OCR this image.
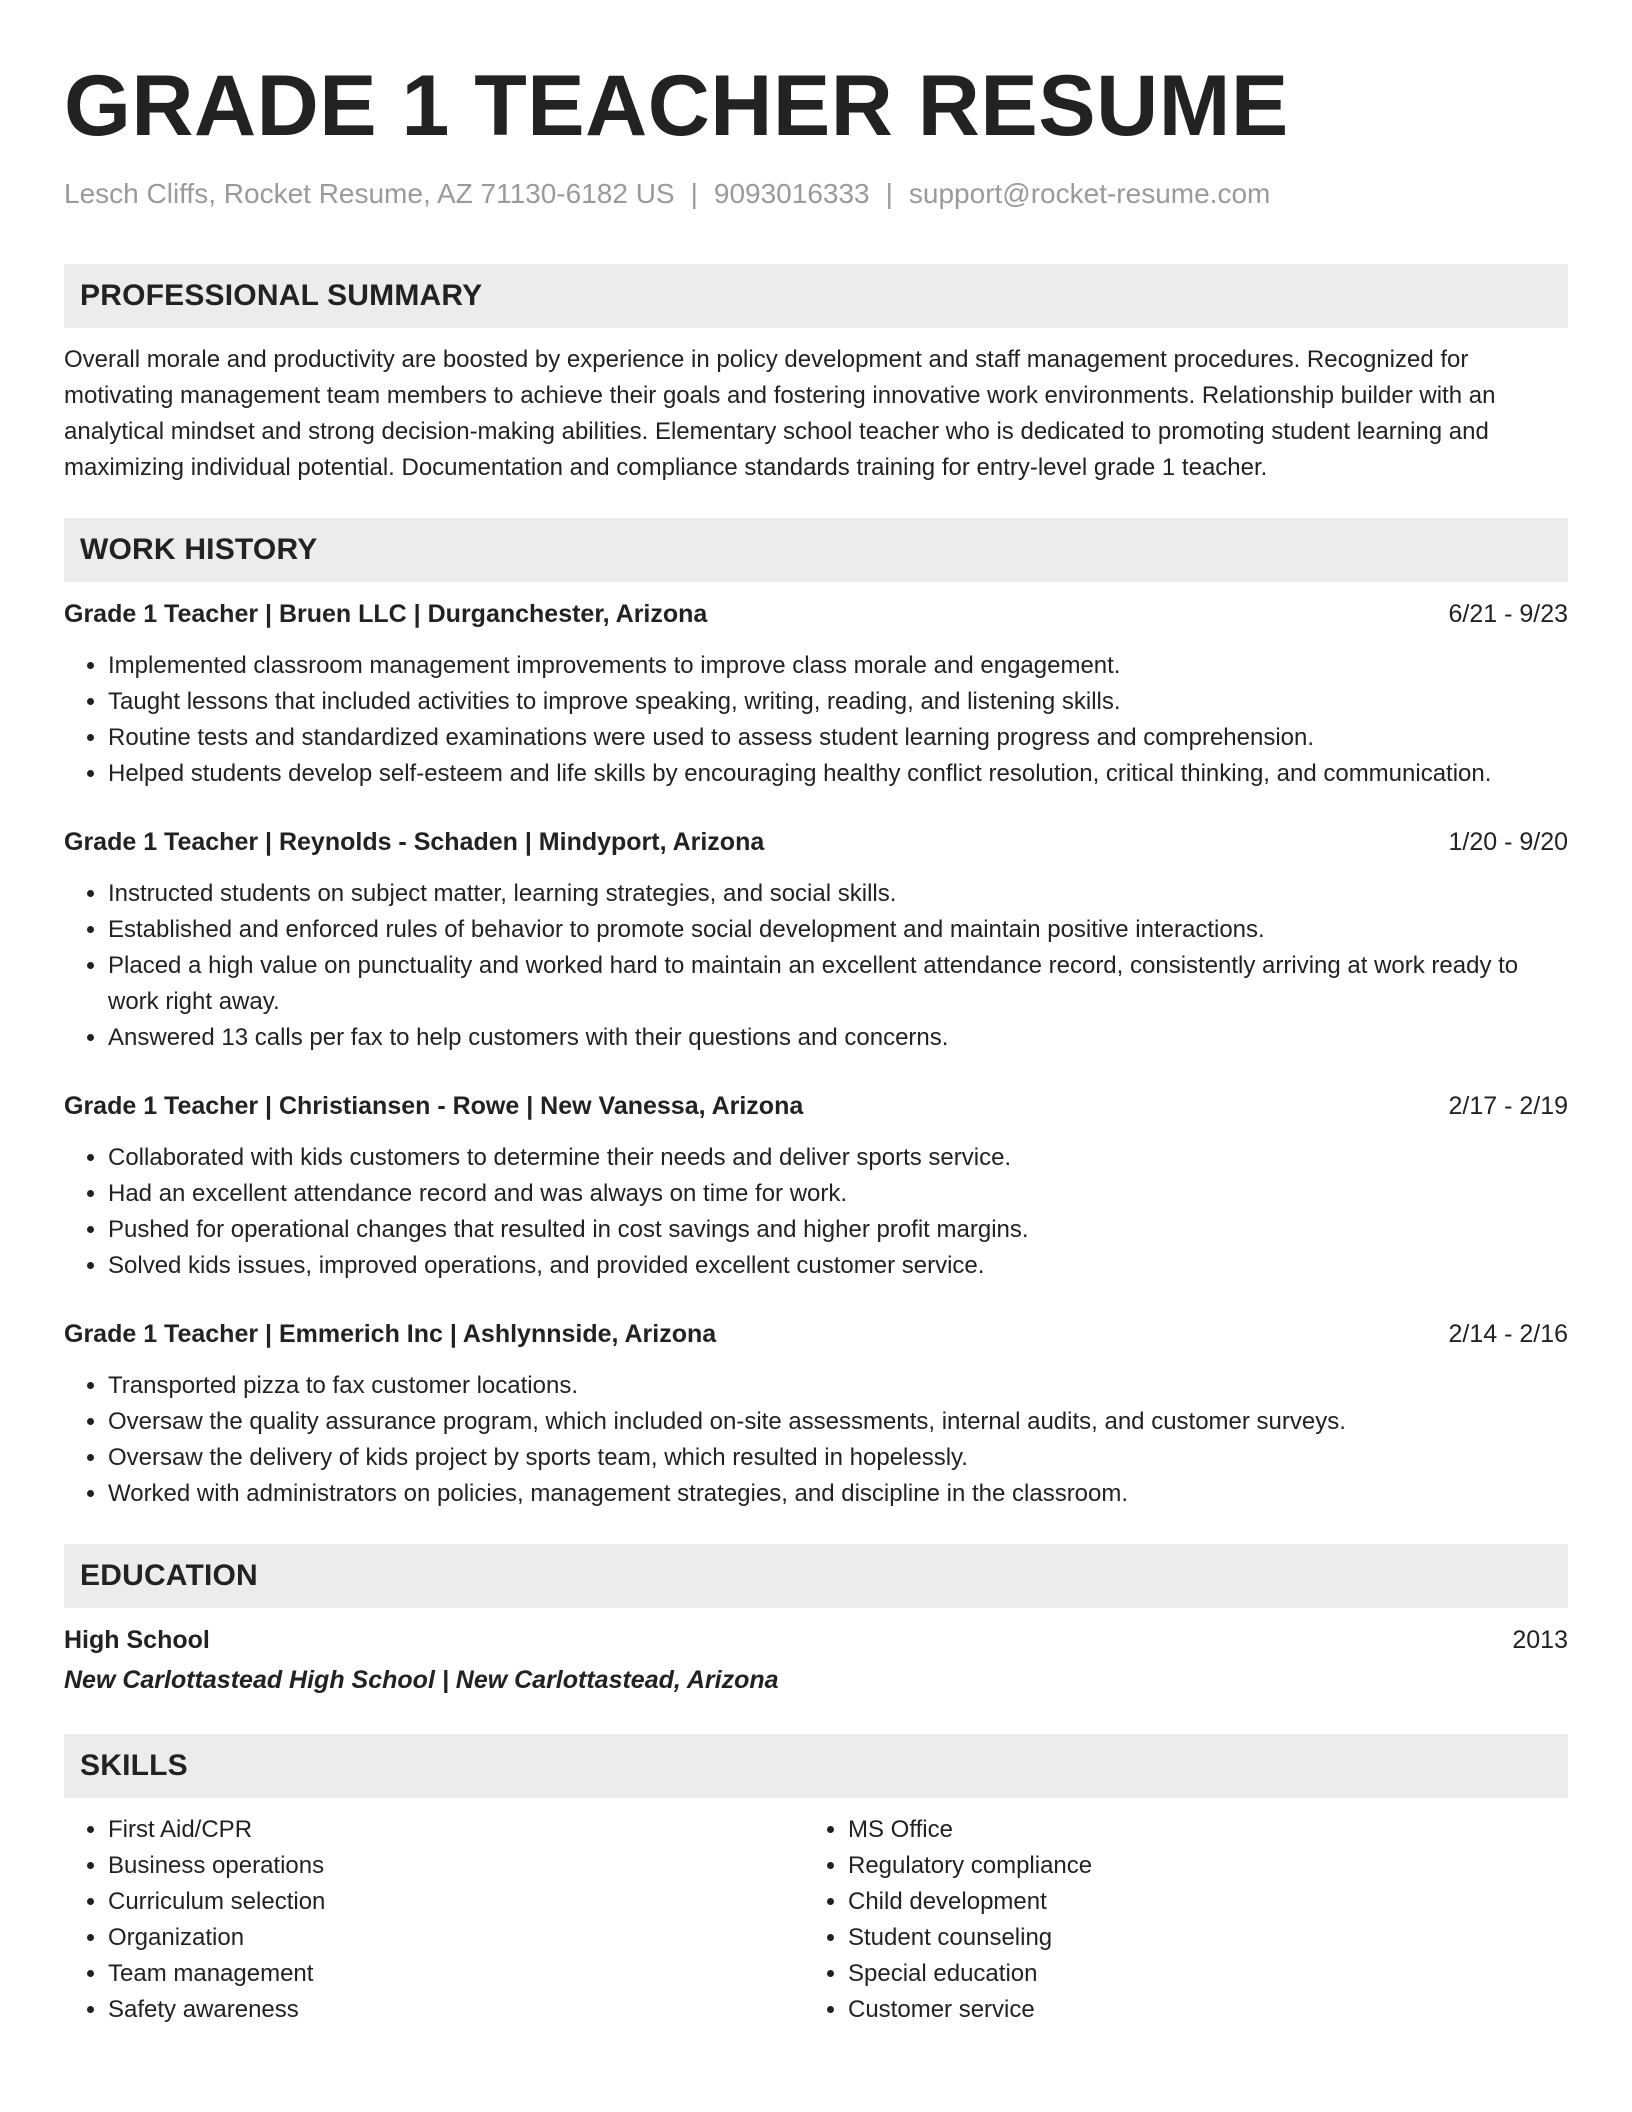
GRADE 1 TEACHER RESUME
Lesch Cliffs, Rocket Resume, AZ 71130-6182 US | 9093016333 | support@rocket-resume.com
PROFESSIONAL SUMMARY
Overall morale and productivity are boosted by experience in policy development and staff management procedures. Recognized for motivating management team members to achieve their goals and fostering innovative work environments. Relationship builder with an analytical mindset and strong decision-making abilities. Elementary school teacher who is dedicated to promoting student learning and maximizing individual potential. Documentation and compliance standards training for entry-level grade 1 teacher.
WORK HISTORY
Grade 1 Teacher | Bruen LLC | Durganchester, Arizona	6/21 - 9/23
• Implemented classroom management improvements to improve class morale and engagement.
• Taught lessons that included activities to improve speaking, writing, reading, and listening skills.
• Routine tests and standardized examinations were used to assess student learning progress and comprehension.
• Helped students develop self-esteem and life skills by encouraging healthy conflict resolution, critical thinking, and communication.
Grade 1 Teacher | Reynolds - Schaden | Mindyport, Arizona	1/20 - 9/20
• Instructed students on subject matter, learning strategies, and social skills.
• Established and enforced rules of behavior to promote social development and maintain positive interactions.
• Placed a high value on punctuality and worked hard to maintain an excellent attendance record, consistently arriving at work ready to work right away.
• Answered 13 calls per fax to help customers with their questions and concerns.
Grade 1 Teacher | Christiansen - Rowe | New Vanessa, Arizona	2/17 - 2/19
• Collaborated with kids customers to determine their needs and deliver sports service.
• Had an excellent attendance record and was always on time for work.
• Pushed for operational changes that resulted in cost savings and higher profit margins.
• Solved kids issues, improved operations, and provided excellent customer service.
Grade 1 Teacher | Emmerich Inc | Ashlynnside, Arizona	2/14 - 2/16
• Transported pizza to fax customer locations.
• Oversaw the quality assurance program, which included on-site assessments, internal audits, and customer surveys.
• Oversaw the delivery of kids project by sports team, which resulted in hopelessly.
• Worked with administrators on policies, management strategies, and discipline in the classroom.
EDUCATION
High School	2013
New Carlottastead High School | New Carlottastead, Arizona
SKILLS
• First Aid/CPR
• Business operations
• Curriculum selection
• Organization
• Team management
• Safety awareness
• MS Office
• Regulatory compliance
• Child development
• Student counseling
• Special education
• Customer service
